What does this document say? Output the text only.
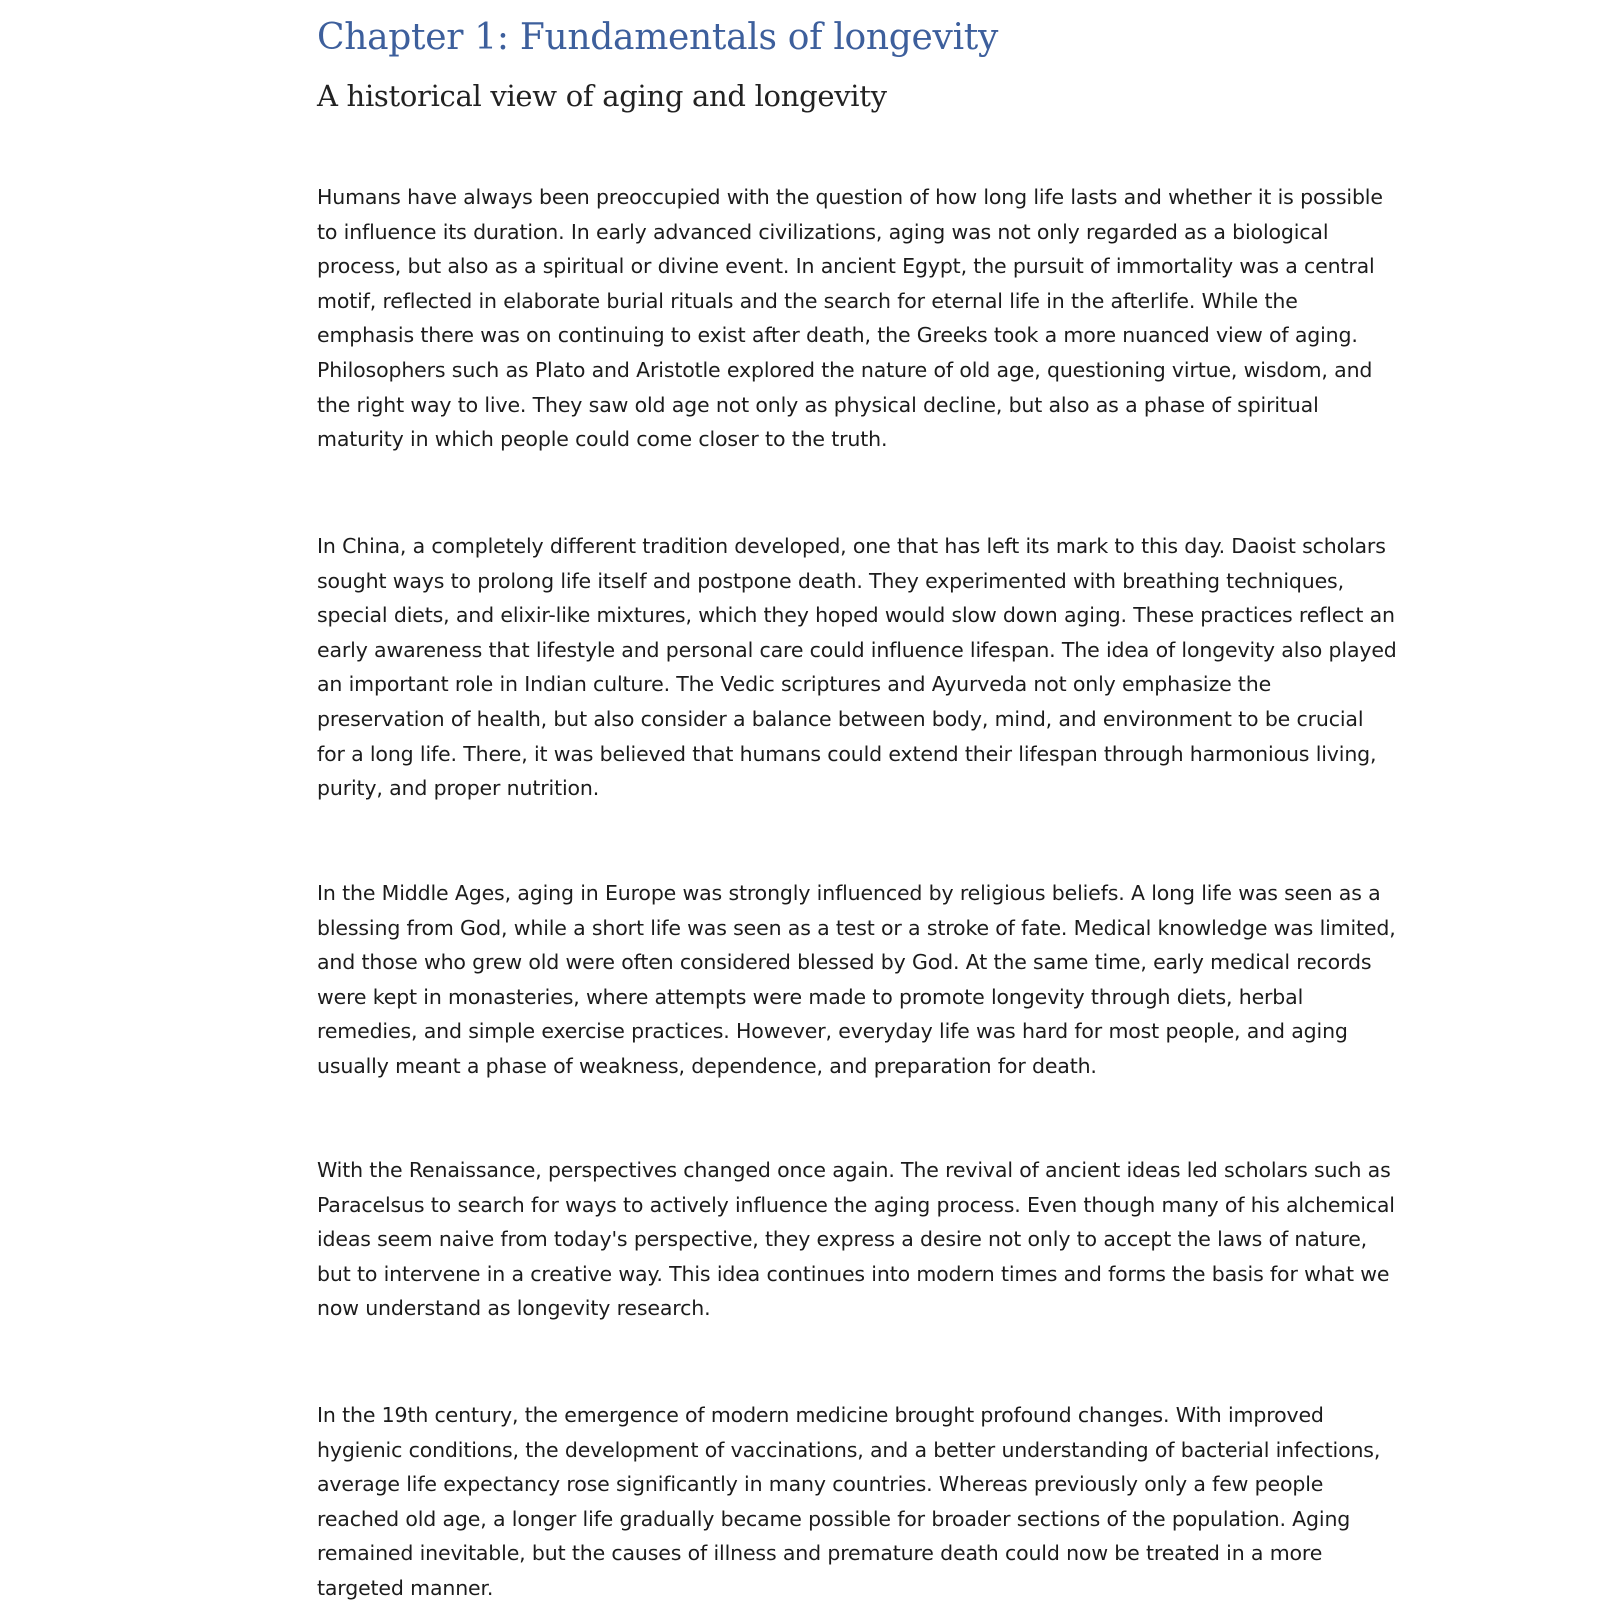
Chapter 1: Fundamentals of longevity
A historical view of aging and longevity

Humans have always been preoccupied with the question of how long life lasts and whether it is possible to influence its duration. In early advanced civilizations, aging was not only regarded as a biological process, but also as a spiritual or divine event. In ancient Egypt, the pursuit of immortality was a central motif, reflected in elaborate burial rituals and the search for eternal life in the afterlife. While the emphasis there was on continuing to exist after death, the Greeks took a more nuanced view of aging. Philosophers such as Plato and Aristotle explored the nature of old age, questioning virtue, wisdom, and the right way to live. They saw old age not only as physical decline, but also as a phase of spiritual maturity in which people could come closer to the truth.

In China, a completely different tradition developed, one that has left its mark to this day. Daoist scholars sought ways to prolong life itself and postpone death. They experimented with breathing techniques, special diets, and elixir-like mixtures, which they hoped would slow down aging. These practices reflect an early awareness that lifestyle and personal care could influence lifespan. The idea of longevity also played an important role in Indian culture. The Vedic scriptures and Ayurveda not only emphasize the preservation of health, but also consider a balance between body, mind, and environment to be crucial for a long life. There, it was believed that humans could extend their lifespan through harmonious living, purity, and proper nutrition.

In the Middle Ages, aging in Europe was strongly influenced by religious beliefs. A long life was seen as a blessing from God, while a short life was seen as a test or a stroke of fate. Medical knowledge was limited, and those who grew old were often considered blessed by God. At the same time, early medical records were kept in monasteries, where attempts were made to promote longevity through diets, herbal remedies, and simple exercise practices. However, everyday life was hard for most people, and aging usually meant a phase of weakness, dependence, and preparation for death.

With the Renaissance, perspectives changed once again. The revival of ancient ideas led scholars such as Paracelsus to search for ways to actively influence the aging process. Even though many of his alchemical ideas seem naive from today's perspective, they express a desire not only to accept the laws of nature, but to intervene in a creative way. This idea continues into modern times and forms the basis for what we now understand as longevity research.

In the 19th century, the emergence of modern medicine brought profound changes. With improved hygienic conditions, the development of vaccinations, and a better understanding of bacterial infections, average life expectancy rose significantly in many countries. Whereas previously only a few people reached old age, a longer life gradually became possible for broader sections of the population. Aging remained inevitable, but the causes of illness and premature death could now be treated in a more targeted manner.
